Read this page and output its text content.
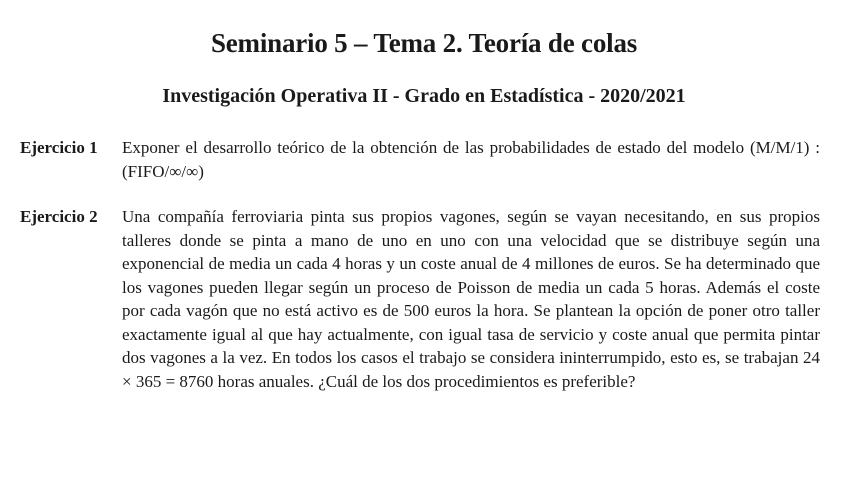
Seminario 5 – Tema 2. Teoría de colas
Investigación Operativa II - Grado en Estadística - 2020/2021
Ejercicio 1 Exponer el desarrollo teórico de la obtención de las probabilidades de estado del modelo (M/M/1) : (FIFO/∞/∞)

Ejercicio 2 Una compañía ferroviaria pinta sus propios vagones, según se vayan necesitando, en sus propios talleres donde se pinta a mano de uno en uno con una velocidad que se distribuye según una exponencial de media un cada 4 horas y un coste anual de 4 millones de euros. Se ha determinado que los vagones pueden llegar según un proceso de Poisson de media un cada 5 horas. Además el coste por cada vagón que no está activo es de 500 euros la hora. Se plantean la opción de poner otro taller exactamente igual al que hay actualmente, con igual tasa de servicio y coste anual que permita pintar dos vagones a la vez. En todos los casos el trabajo se considera ininterrumpido, esto es, se trabajan 24 × 365 = 8760 horas anuales. ¿Cuál de los dos procedimientos es preferible?
